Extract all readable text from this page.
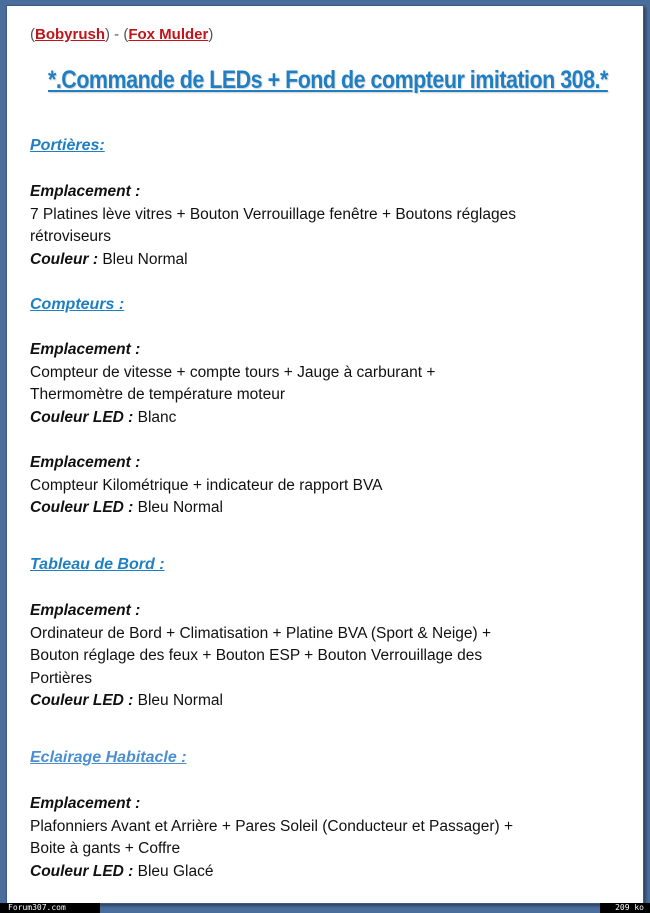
(Bobyrush) - (Fox Mulder)
*.Commande de LEDs + Fond de compteur imitation 308.*
Portières:
Emplacement :
7 Platines lève vitres + Bouton Verrouillage fenêtre + Boutons réglages
rétroviseurs
Couleur : Bleu Normal
Compteurs :
Emplacement :
Compteur de vitesse + compte tours + Jauge à carburant +
Thermomètre de température moteur
Couleur LED : Blanc
Emplacement :
Compteur Kilométrique + indicateur de rapport BVA
Couleur LED : Bleu Normal
Tableau de Bord :
Emplacement :
Ordinateur de Bord + Climatisation + Platine BVA (Sport & Neige) +
Bouton réglage des feux + Bouton ESP + Bouton Verrouillage des
Portières
Couleur LED : Bleu Normal
Eclairage Habitacle :
Emplacement :
Plafonniers Avant et Arrière + Pares Soleil (Conducteur et Passager) +
Boite à gants + Coffre
Couleur LED : Bleu Glacé
Forum307.com	209 ko
